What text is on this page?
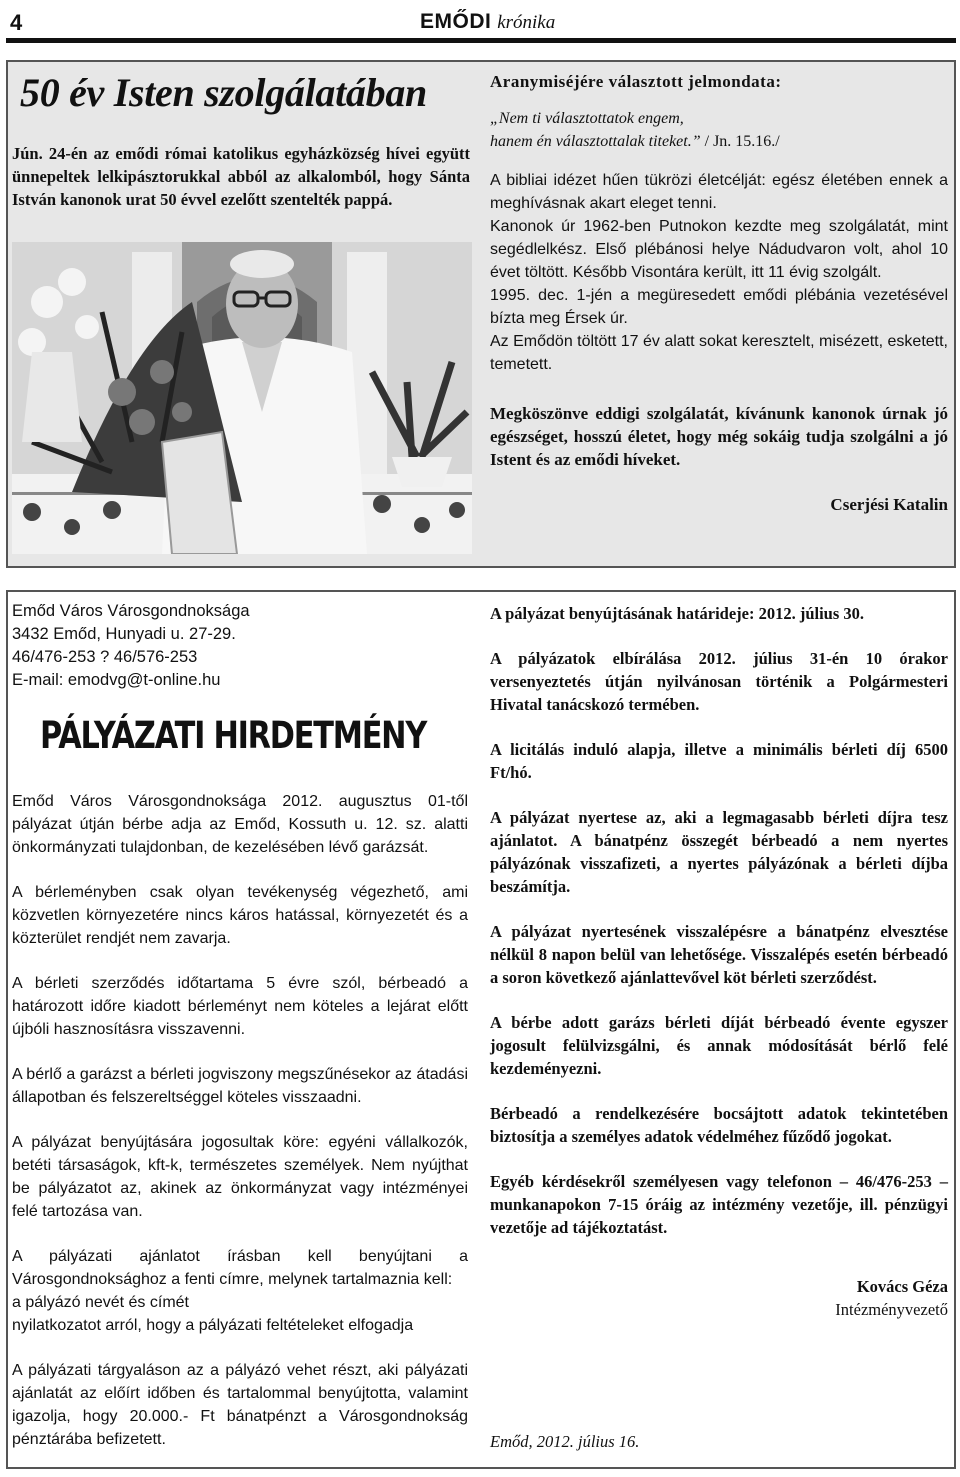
4	EMŐDI krónika
50 év Isten szolgálatában
Jún. 24-én az emődi római katolikus egyházközség hívei együtt ünnepeltek lelkipásztorukkal abból az alkalomból, hogy Sánta István kanonok urat 50 évvel ezelőtt szentelték pappá.

Aranymiséjére választott jelmondata:

„Nem ti választottatok engem,

hanem én választottalak titeket.” / Jn. 15.16./

A bibliai idézet hűen tükrözi életcélját: egész életében ennek a meghívásnak akart eleget tenni.

Kanonok úr 1962-ben Putnokon kezdte meg szolgálatát, mint segédlelkész. Első plébánosi helye Nádudvaron volt, ahol 10 évet töltött. Később Visontára került, itt 11 évig szolgált.

1995. dec. 1-jén a megüresedett emődi plébánia vezetésével bízta meg Érsek úr.

Az Emődön töltött 17 év alatt sokat keresztelt, misézett, esketett, temetett.

Megköszönve eddigi szolgálatát, kívánunk kanonok úrnak jó egészséget, hosszú életet, hogy még sokáig tudja szolgálni a jó Istent és az emődi híveket.

Cserjési Katalin

Emőd Város Városgondnoksága

3432 Emőd, Hunyadi u. 27-29.

46/476-253 ? 46/576-253

E-mail: emodvg@t-online.hu

PÁLYÁZATI HIRDETMÉNY

Emőd Város Városgondnoksága 2012. augusztus 01-től pályázat útján bérbe adja az Emőd, Kossuth u. 12. sz. alatti önkormányzati tulajdonban, de kezelésében lévő garázsát.

A bérleményben csak olyan tevékenység végezhető, ami közvetlen környezetére nincs káros hatással, környezetét és a közterület rendjét nem zavarja.

A bérleti szerződés időtartama 5 évre szól, bérbeadó a határozott időre kiadott bérleményt nem köteles a lejárat előtt újbóli hasznosításra visszavenni.

A bérlő a garázst a bérleti jogviszony megszűnésekor az átadási állapotban és felszereltséggel köteles visszaadni.

A pályázat benyújtására jogosultak köre: egyéni vállalkozók, betéti társaságok, kft-k, természetes személyek. Nem nyújthat be pályázatot az, akinek az önkormányzat vagy intézményei felé tartozása van.

A pályázati ajánlatot írásban kell benyújtani a Városgondnoksághoz a fenti címre, melynek tartalmaznia kell:

a pályázó nevét és címét

nyilatkozatot arról, hogy a pályázati feltételeket elfogadja

A pályázati tárgyaláson az a pályázó vehet részt, aki pályázati ajánlatát az előírt időben és tartalommal benyújtotta, valamint igazolja, hogy 20.000.- Ft bánatpénzt a Városgondnokság pénztárába befizetett.

A pályázat benyújtásának határideje: 2012. július 30.

A pályázatok elbírálása 2012. július 31-én 10 órakor versenyeztetés útján nyilvánosan történik a Polgármesteri Hivatal tanácskozó termében.

A licitálás induló alapja, illetve a minimális bérleti díj 6500 Ft/hó.

A pályázat nyertese az, aki a legmagasabb bérleti díjra tesz ajánlatot. A bánatpénz összegét bérbeadó a nem nyertes pályázónak visszafizeti, a nyertes pályázónak a bérleti díjba beszámítja.

A pályázat nyertesének visszalépésre a bánatpénz elvesztése nélkül 8 napon belül van lehetősége. Visszalépés esetén bérbeadó a soron következő ajánlattevővel köt bérleti szerződést.

A bérbe adott garázs bérleti díját bérbeadó évente egyszer jogosult felülvizsgálni, és annak módosítását bérlő felé kezdeményezni.

Bérbeadó a rendelkezésére bocsájtott adatok tekintetében biztosítja a személyes adatok védelméhez fűződő jogokat.

Egyéb kérdésekről személyesen vagy telefonon – 46/476-253 – munkanapokon 7-15 óráig az intézmény vezetője, ill. pénzügyi vezetője ad tájékoztatást.

Kovács Géza

Intézményvezető

Emőd, 2012. július 16.
